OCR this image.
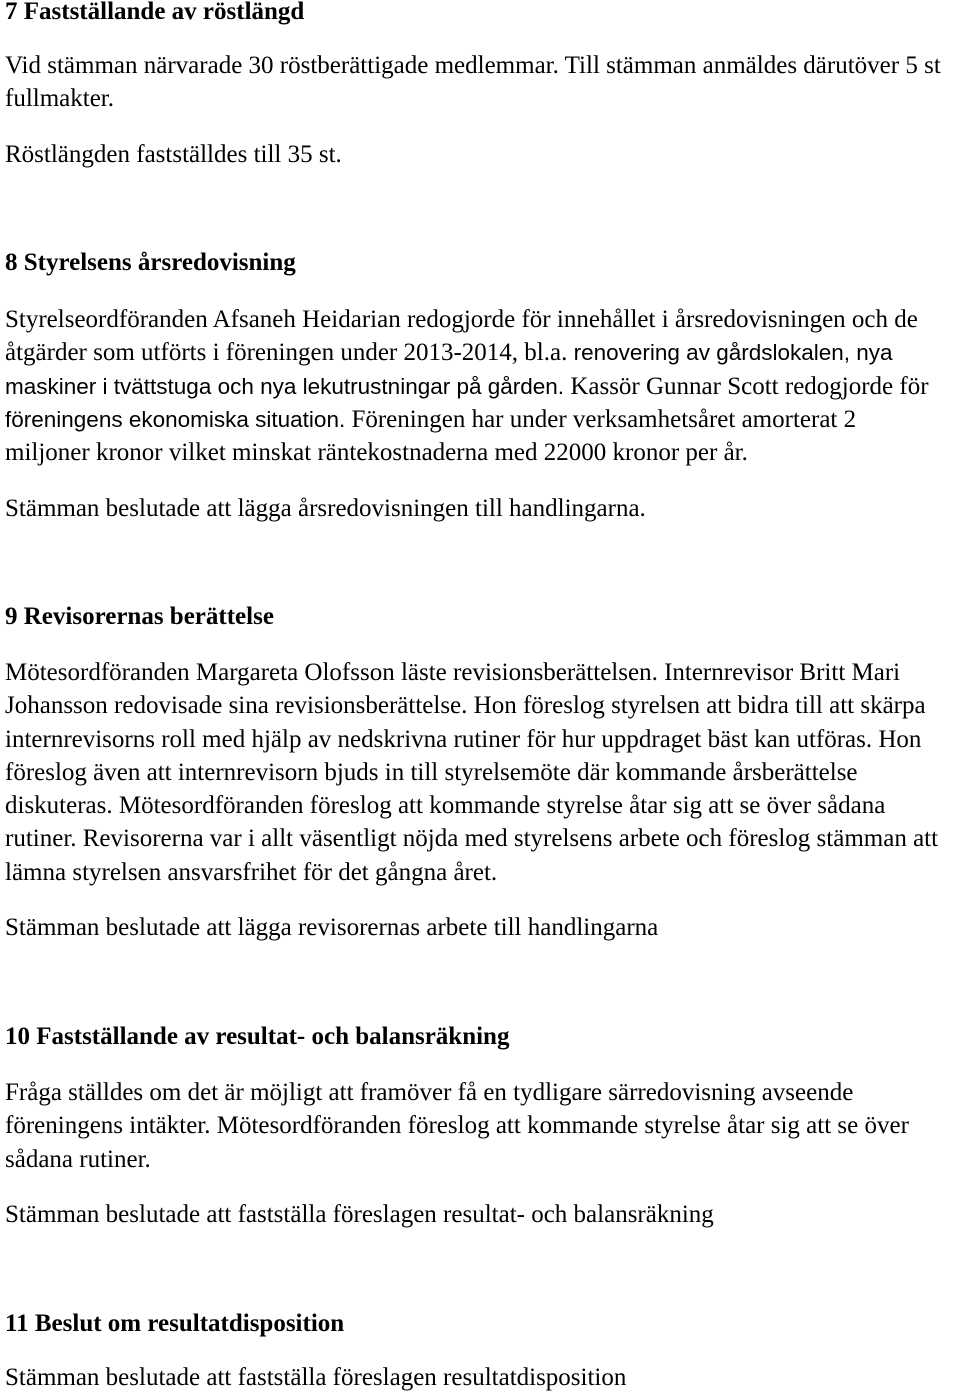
7 Fastställande av röstlängd
Vid stämman närvarade 30 röstberättigade medlemmar. Till stämman anmäldes därutöver 5 st
fullmakter.
Röstlängden fastställdes till 35 st.
8 Styrelsens årsredovisning
Styrelseordföranden Afsaneh Heidarian redogjorde för innehållet i årsredovisningen och de
åtgärder som utförts i föreningen under 2013-2014, bl.a. renovering av gårdslokalen, nya
maskiner i tvättstuga och nya lekutrustningar på gården. Kassör Gunnar Scott redogjorde för
föreningens ekonomiska situation. Föreningen har under verksamhetsåret amorterat 2
miljoner kronor vilket minskat räntekostnaderna med 22000 kronor per år.
Stämman beslutade att lägga årsredovisningen till handlingarna.
9 Revisorernas berättelse
Mötesordföranden Margareta Olofsson läste revisionsberättelsen. Internrevisor Britt Mari
Johansson redovisade sina revisionsberättelse. Hon föreslog styrelsen att bidra till att skärpa
internrevisorns roll med hjälp av nedskrivna rutiner för hur uppdraget bäst kan utföras. Hon
föreslog även att internrevisorn bjuds in till styrelsemöte där kommande årsberättelse
diskuteras. Mötesordföranden föreslog att kommande styrelse åtar sig att se över sådana
rutiner. Revisorerna var i allt väsentligt nöjda med styrelsens arbete och föreslog stämman att
lämna styrelsen ansvarsfrihet för det gångna året.
Stämman beslutade att lägga revisorernas arbete till handlingarna
10 Fastställande av resultat- och balansräkning
Fråga ställdes om det är möjligt att framöver få en tydligare särredovisning avseende
föreningens intäkter. Mötesordföranden föreslog att kommande styrelse åtar sig att se över
sådana rutiner.
Stämman beslutade att fastställa föreslagen resultat- och balansräkning
11 Beslut om resultatdisposition
Stämman beslutade att fastställa föreslagen resultatdisposition
